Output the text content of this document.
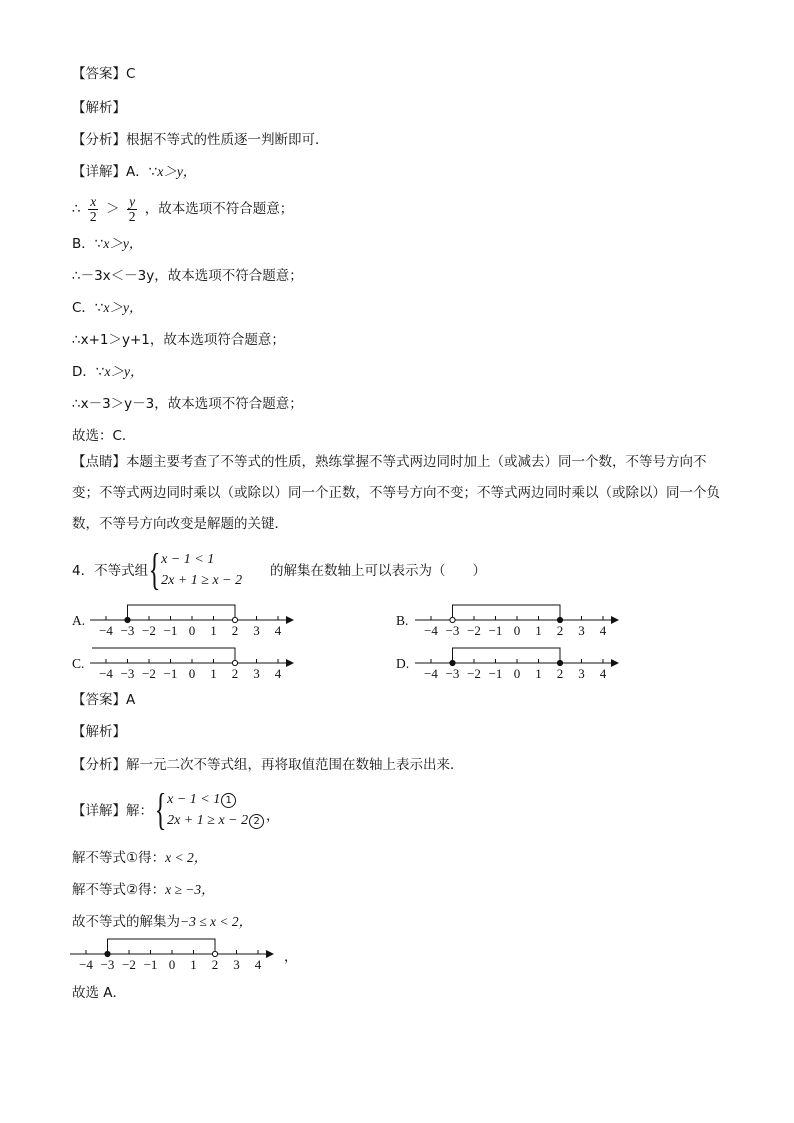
【答案】C
【解析】
【分析】根据不等式的性质逐一判断即可．
【详解】A．∵x＞y，
∴ $\frac{x}{2} > \frac{y}{2}$ ，故本选项不符合题意；
B．∵x＞y，
∴－3x＜－3y，故本选项不符合题意；
C．∵x＞y，
∴x+1＞y+1，故本选项符合题意；
D．∵x＞y，
∴x－3＞y－3，故本选项不符合题意；
故选：C．
【点睛】本题主要考查了不等式的性质，熟练掌握不等式两边同时加上（或减去）同一个数，不等号方向不变；不等式两边同时乘以（或除以）同一个正数，不等号方向不变；不等式两边同时乘以（或除以）同一个负数，不等号方向改变是解题的关键．
4．不等式组 { x − 1 < 1
2x + 1 ≥ x − 2
的解集在数轴上可以表示为（　　）
A.	B.
C.	D.
−4 −3 −2 −1 0 1 2 3 4	−4 −3 −2 −1 0 1 2 3 4
−4 −3 −2 −1 0 1 2 3 4	−4 −3 −2 −1 0 1 2 3 4
【答案】A
【解析】
【分析】解一元二次不等式组，再将取值范围在数轴上表示出来．
【详解】解： { x − 1 < 1 1
2x + 1 ≥ x − 2 2 ，
解不等式①得：x < 2，
解不等式②得：x ≥ −3，
故不等式的解集为−3 ≤ x < 2，
−4 −3 −2 −1 0 1 2 3 4 ，
故选 A．
